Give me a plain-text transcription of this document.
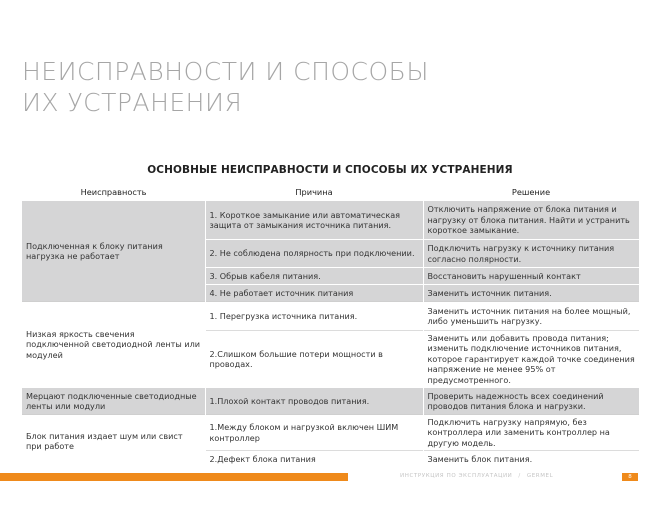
НЕИСПРАВНОСТИ И СПОСОБЫ
ИХ УСТРАНЕНИЯ
ОСНОВНЫЕ НЕИСПРАВНОСТИ И СПОСОБЫ ИХ УСТРАНЕНИЯ
Неисправность	Причина	Решение
Подключенная к блоку питания нагрузка не работает	1. Короткое замыкание или автоматическая защита от замыкания источника питания.	Отключить напряжение от блока питания и нагрузку от блока питания. Найти и устранить короткое замыкание.
	2. Не соблюдена полярность при подключении.	Подключить нагрузку к источнику питания согласно полярности.
	3. Обрыв кабеля питания.	Восстановить нарушенный контакт
	4. Не работает источник питания	Заменить источник питания.
Низкая яркость свечения подключенной светодиодной ленты или модулей	1. Перегрузка источника питания.	Заменить источник питания на более мощный, либо уменьшить нагрузку.
	2.Слишком большие потери мощности в проводах.	Заменить или добавить провода питания; изменить подключение источников питания, которое гарантирует каждой точке соединения напряжение не менее 95% от предусмотренного.
Мерцают подключенные светодиодные ленты или модули	1.Плохой контакт проводов питания.	Проверить надежность всех соединений проводов питания блока и нагрузки.
Блок питания издает шум или свист при работе	1.Между блоком и нагрузкой включен ШИМ контроллер	Подключить нагрузку напрямую, без контроллера или заменить контроллер на другую модель.
	2.Дефект блока питания	Заменить блок питания.
ИНСТРУКЦИЯ ПО ЭКСПЛУАТАЦИИ / GERMEL	8
